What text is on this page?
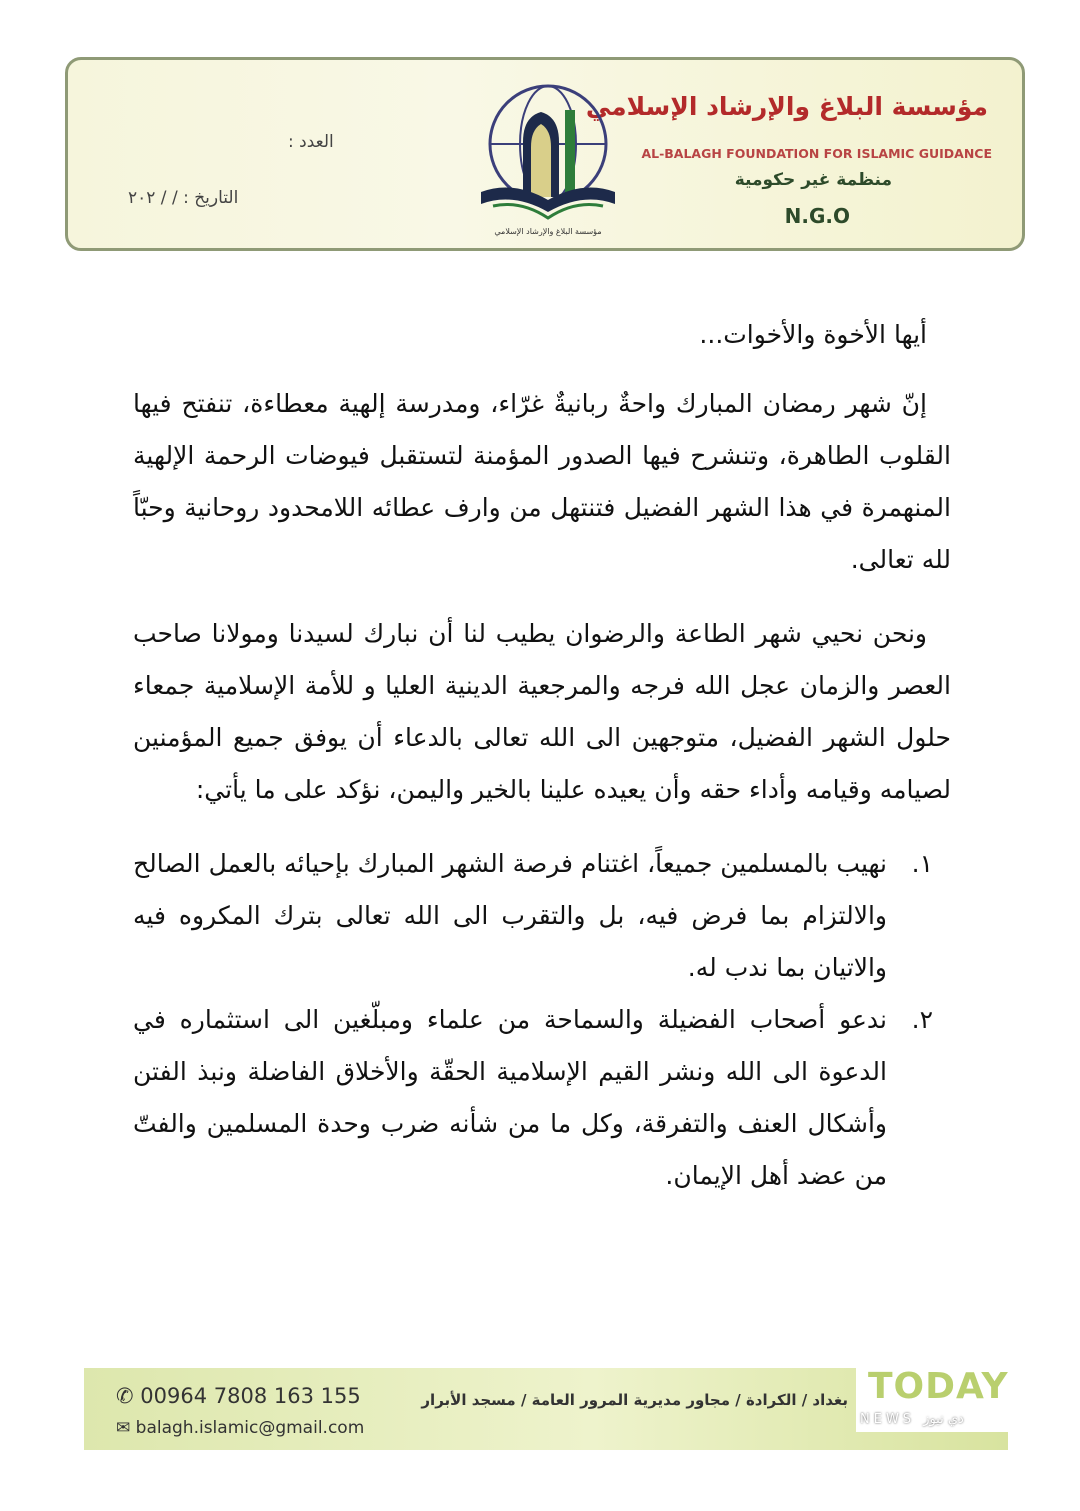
مؤسسة البلاغ والإرشاد الإسلامي
AL-BALAGH FOUNDATION FOR ISLAMIC GUIDANCE
منظمة غير حكومية
N.G.O
مؤسسة البلاغ والإرشاد الإسلامي
العدد :
التاريخ : / / ٢٠٢
أيها الأخوة والأخوات...

إنّ شهر رمضان المبارك واحةٌ ربانيةٌ غرّاء، ومدرسة إلهية معطاءة، تنفتح فيها القلوب الطاهرة، وتنشرح فيها الصدور المؤمنة لتستقبل فيوضات الرحمة الإلهية المنهمرة في هذا الشهر الفضيل فتنتهل من وارف عطائه اللامحدود روحانية وحبّاً لله تعالى.

ونحن نحيي شهر الطاعة والرضوان يطيب لنا أن نبارك لسيدنا ومولانا صاحب العصر والزمان عجل الله فرجه والمرجعية الدينية العليا و للأمة الإسلامية جمعاء حلول الشهر الفضيل، متوجهين الى الله تعالى بالدعاء أن يوفق جميع المؤمنين لصيامه وقيامه وأداء حقه وأن يعيده علينا بالخير واليمن، نؤكد على ما يأتي:

١.
نهيب بالمسلمين جميعاً، اغتنام فرصة الشهر المبارك بإحيائه بالعمل الصالح والالتزام بما فرض فيه، بل والتقرب الى الله تعالى بترك المكروه فيه والاتيان بما ندب له.
٢.
ندعو أصحاب الفضيلة والسماحة من علماء ومبلّغين الى استثماره في الدعوة الى الله ونشر القيم الإسلامية الحقّة والأخلاق الفاضلة ونبذ الفتن وأشكال العنف والتفرقة، وكل ما من شأنه ضرب وحدة المسلمين والفتّ من عضد أهل الإيمان.
✆ 00964 7808 163 155
✉ balagh.islamic@gmail.com
بغداد / الكرادة / مجاور مديرية المرور العامة / مسجد الأبرار TODAY
NEWS دي نيوز
